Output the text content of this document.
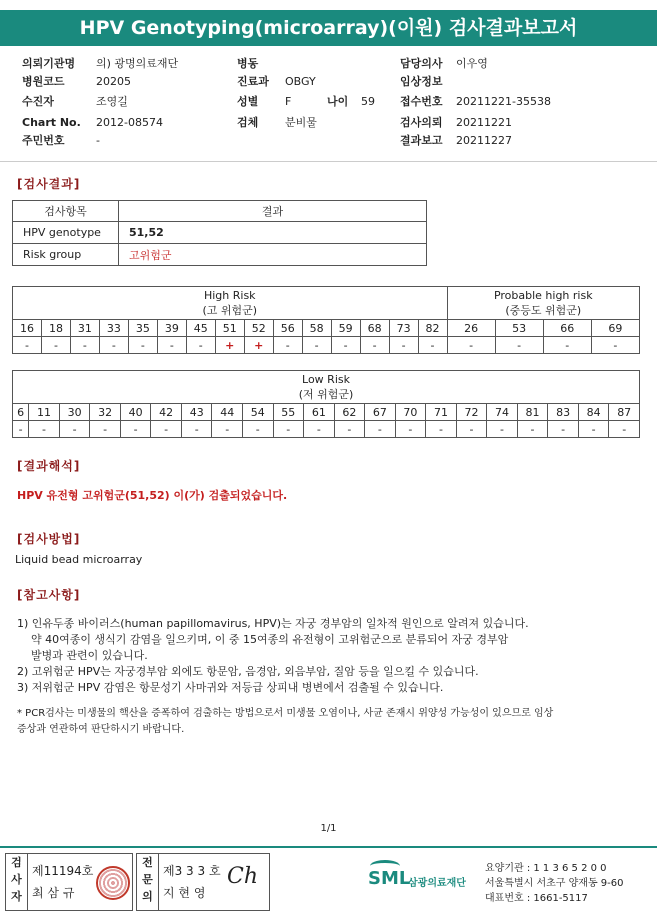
HPV Genotyping(microarray)(이원) 검사결과보고서
의뢰기관명 의) 광명의료재단
병원코드	20205
수진자	조영길
Chart No. 2012-08574
주민번호	-
병동
진료과 OBGY
성별 F	나이 59
검체 분비물
담당의사 이우영
임상정보
접수번호 20211221-35538
검사의뢰 20211221
결과보고 20211227
[검사결과]
검사항목	결과
HPV genotype	51,52
Risk group	고위험군
High Risk
(고 위험군)															Probable high risk
(중등도 위험군)			
16	18	31	33	35	39	45	51	52	56	58	59	68	73	82	26	53	66	69
-	-	-	-	-	-	-	+	+	-	-	-	-	-	-	-	-	-	-
Low Risk
(저 위험군)																				
6	11	30	32	40	42	43	44	54	55	61	62	67	70	71	72	74	81	83	84	87
-	-	-	-	-	-	-	-	-	-	-	-	-	-	-	-	-	-	-	-	-
[결과해석]
HPV 유전형 고위험군(51,52) 이(가) 검출되었습니다.
[검사방법]
Liquid bead microarray
[참고사항]

1) 인유두종 바이러스(human papillomavirus, HPV)는 자궁 경부암의 일차적 원인으로 알려져 있습니다.

약 40여종이 생식기 감염을 일으키며, 이 중 15여종의 유전형이 고위험군으로 분류되어 자궁 경부암

발병과 관련이 있습니다.

2) 고위험군 HPV는 자궁경부암 외에도 항문암, 음경암, 외음부암, 질암 등을 일으킬 수 있습니다.

3) 저위험군 HPV 감염은 항문성기 사마귀와 저등급 상피내 병변에서 검출될 수 있습니다.

* PCR검사는 미생물의 핵산을 증폭하여 검출하는 방법으로서 미생물 오염이나, 사균 존재시 위양성 가능성이 있으므로 임상

증상과 연관하여 판단하시기 바랍니다.

1/1
검
사
자
제11194호
최 삼 규
전
문
의
제3 3 3 호
지 현 영
Ch	SML
삼광의료재단
요양기관 : 1 1 3 6 5 2 0 0
서울특별시 서초구 양재동 9-60
대표번호 : 1661-5117
